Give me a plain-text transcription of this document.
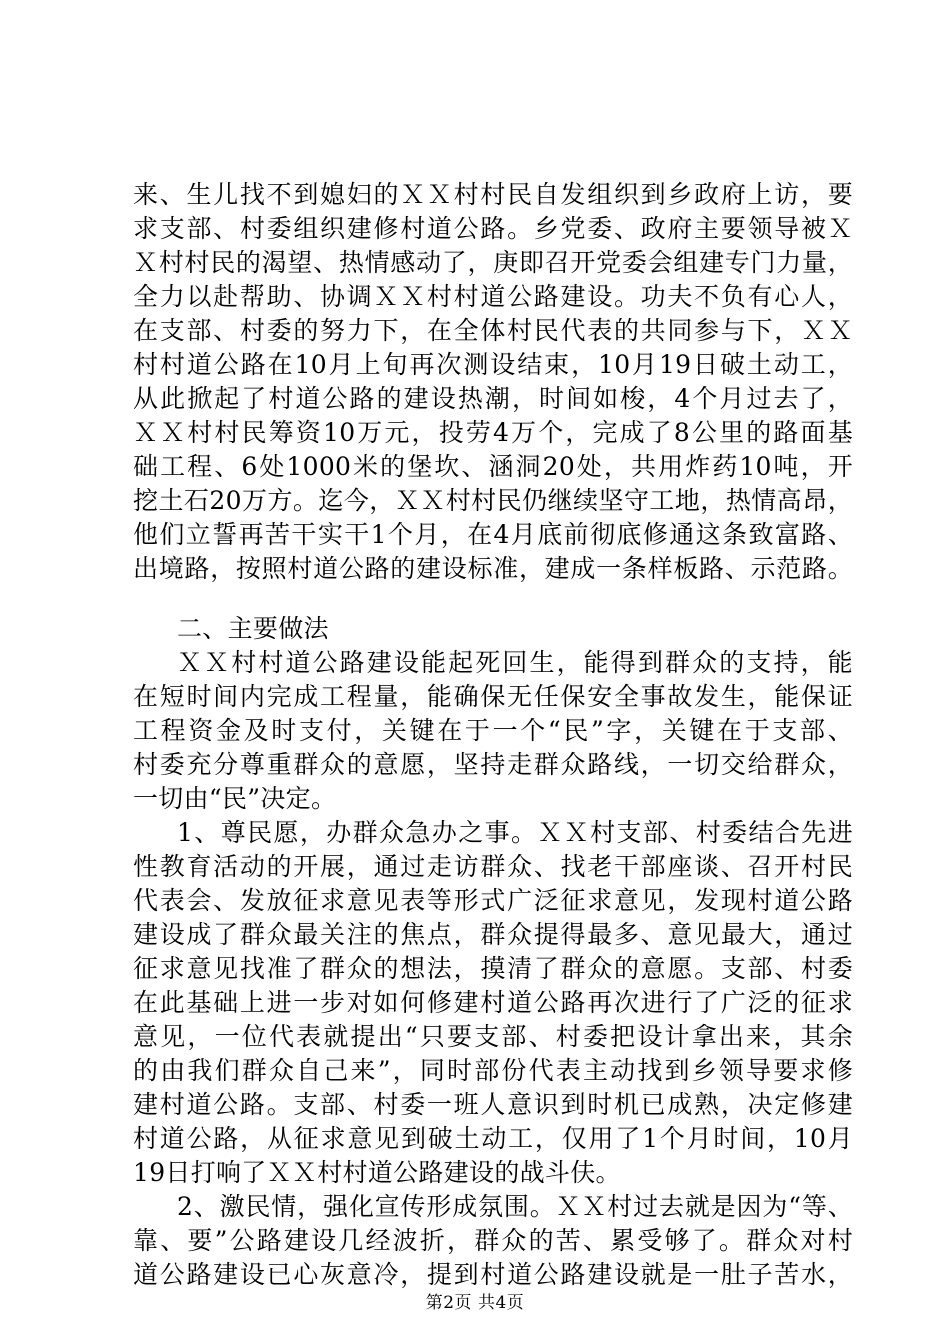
来、生儿找不到媳妇的ＸＸ村村民自发组织到乡政府上访，要
求支部、村委组织建修村道公路。乡党委、政府主要领导被Ｘ
Ｘ村村民的渴望、热情感动了，庚即召开党委会组建专门力量，
全力以赴帮助、协调ＸＸ村村道公路建设。功夫不负有心人，
在支部、村委的努力下，在全体村民代表的共同参与下，ＸＸ
村村道公路在10月上旬再次测设结束，10月19日破土动工，
从此掀起了村道公路的建设热潮，时间如梭，4个月过去了，
ＸＸ村村民筹资10万元，投劳4万个，完成了8公里的路面基
础工程、6处1000米的堡坎、涵洞20处，共用炸药10吨，开
挖土石20万方。迄今，ＸＸ村村民仍继续坚守工地，热情高昂，
他们立誓再苦干实干1个月，在4月底前彻底修通这条致富路、
出境路，按照村道公路的建设标准，建成一条样板路、示范路。
二、主要做法
ＸＸ村村道公路建设能起死回生，能得到群众的支持，能
在短时间内完成工程量，能确保无任保安全事故发生，能保证
工程资金及时支付，关键在于一个“民”字，关键在于支部、
村委充分尊重群众的意愿，坚持走群众路线，一切交给群众，
一切由“民”决定。
1、尊民愿，办群众急办之事。ＸＸ村支部、村委结合先进
性教育活动的开展，通过走访群众、找老干部座谈、召开村民
代表会、发放征求意见表等形式广泛征求意见，发现村道公路
建设成了群众最关注的焦点，群众提得最多、意见最大，通过
征求意见找准了群众的想法，摸清了群众的意愿。支部、村委
在此基础上进一步对如何修建村道公路再次进行了广泛的征求
意见，一位代表就提出“只要支部、村委把设计拿出来，其余
的由我们群众自己来”，同时部份代表主动找到乡领导要求修
建村道公路。支部、村委一班人意识到时机已成熟，决定修建
村道公路，从征求意见到破土动工，仅用了1个月时间，10月
19日打响了ＸＸ村村道公路建设的战斗伕。
2、激民情，强化宣传形成氛围。ＸＸ村过去就是因为“等、
靠、要”公路建设几经波折，群众的苦、累受够了。群众对村
道公路建设已心灰意冷，提到村道公路建设就是一肚子苦水，
第2页 共4页
